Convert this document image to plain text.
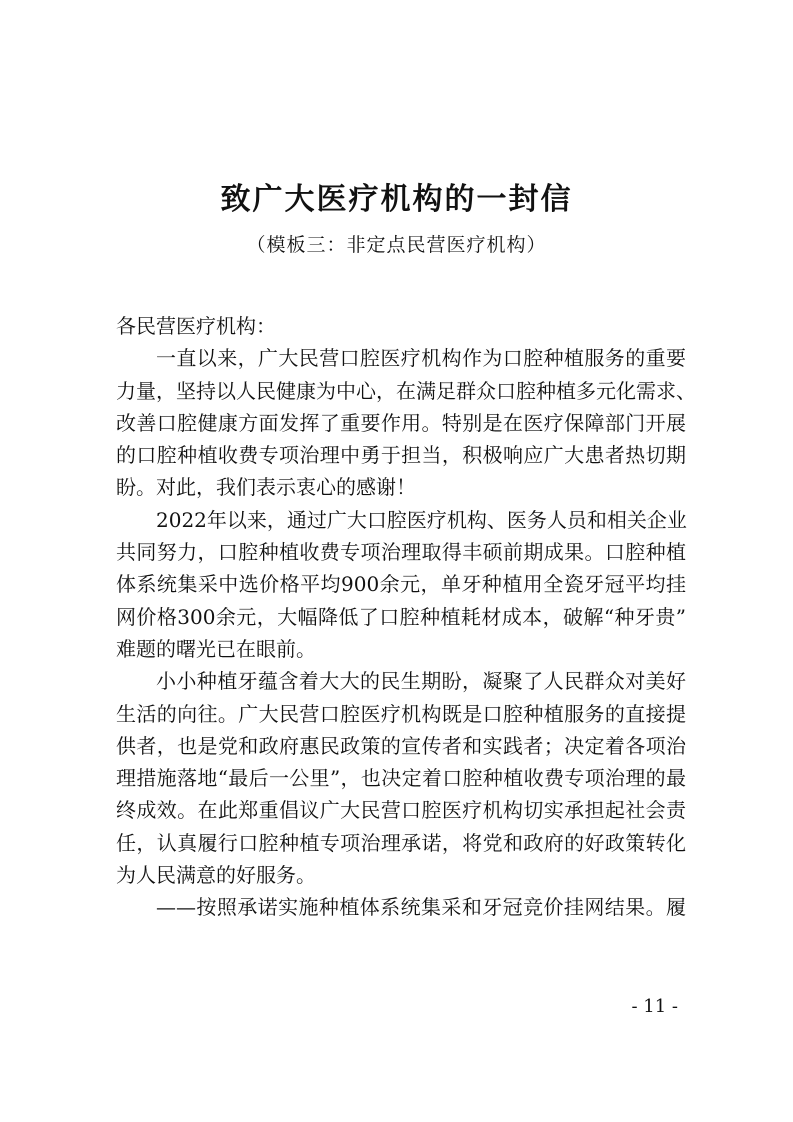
致广大医疗机构的一封信
（模板三：非定点民营医疗机构）
各民营医疗机构：
一直以来，广大民营口腔医疗机构作为口腔种植服务的重要
力量，坚持以人民健康为中心，在满足群众口腔种植多元化需求、
改善口腔健康方面发挥了重要作用。特别是在医疗保障部门开展
的口腔种植收费专项治理中勇于担当，积极响应广大患者热切期
盼。对此，我们表示衷心的感谢！
2022年以来，通过广大口腔医疗机构、医务人员和相关企业
共同努力，口腔种植收费专项治理取得丰硕前期成果。口腔种植
体系统集采中选价格平均900余元，单牙种植用全瓷牙冠平均挂
网价格300余元，大幅降低了口腔种植耗材成本，破解“种牙贵”
难题的曙光已在眼前。
小小种植牙蕴含着大大的民生期盼，凝聚了人民群众对美好
生活的向往。广大民营口腔医疗机构既是口腔种植服务的直接提
供者，也是党和政府惠民政策的宣传者和实践者；决定着各项治
理措施落地“最后一公里”，也决定着口腔种植收费专项治理的最
终成效。在此郑重倡议广大民营口腔医疗机构切实承担起社会责
任，认真履行口腔种植专项治理承诺，将党和政府的好政策转化
为人民满意的好服务。
——按照承诺实施种植体系统集采和牙冠竞价挂网结果。履
- 11 -
